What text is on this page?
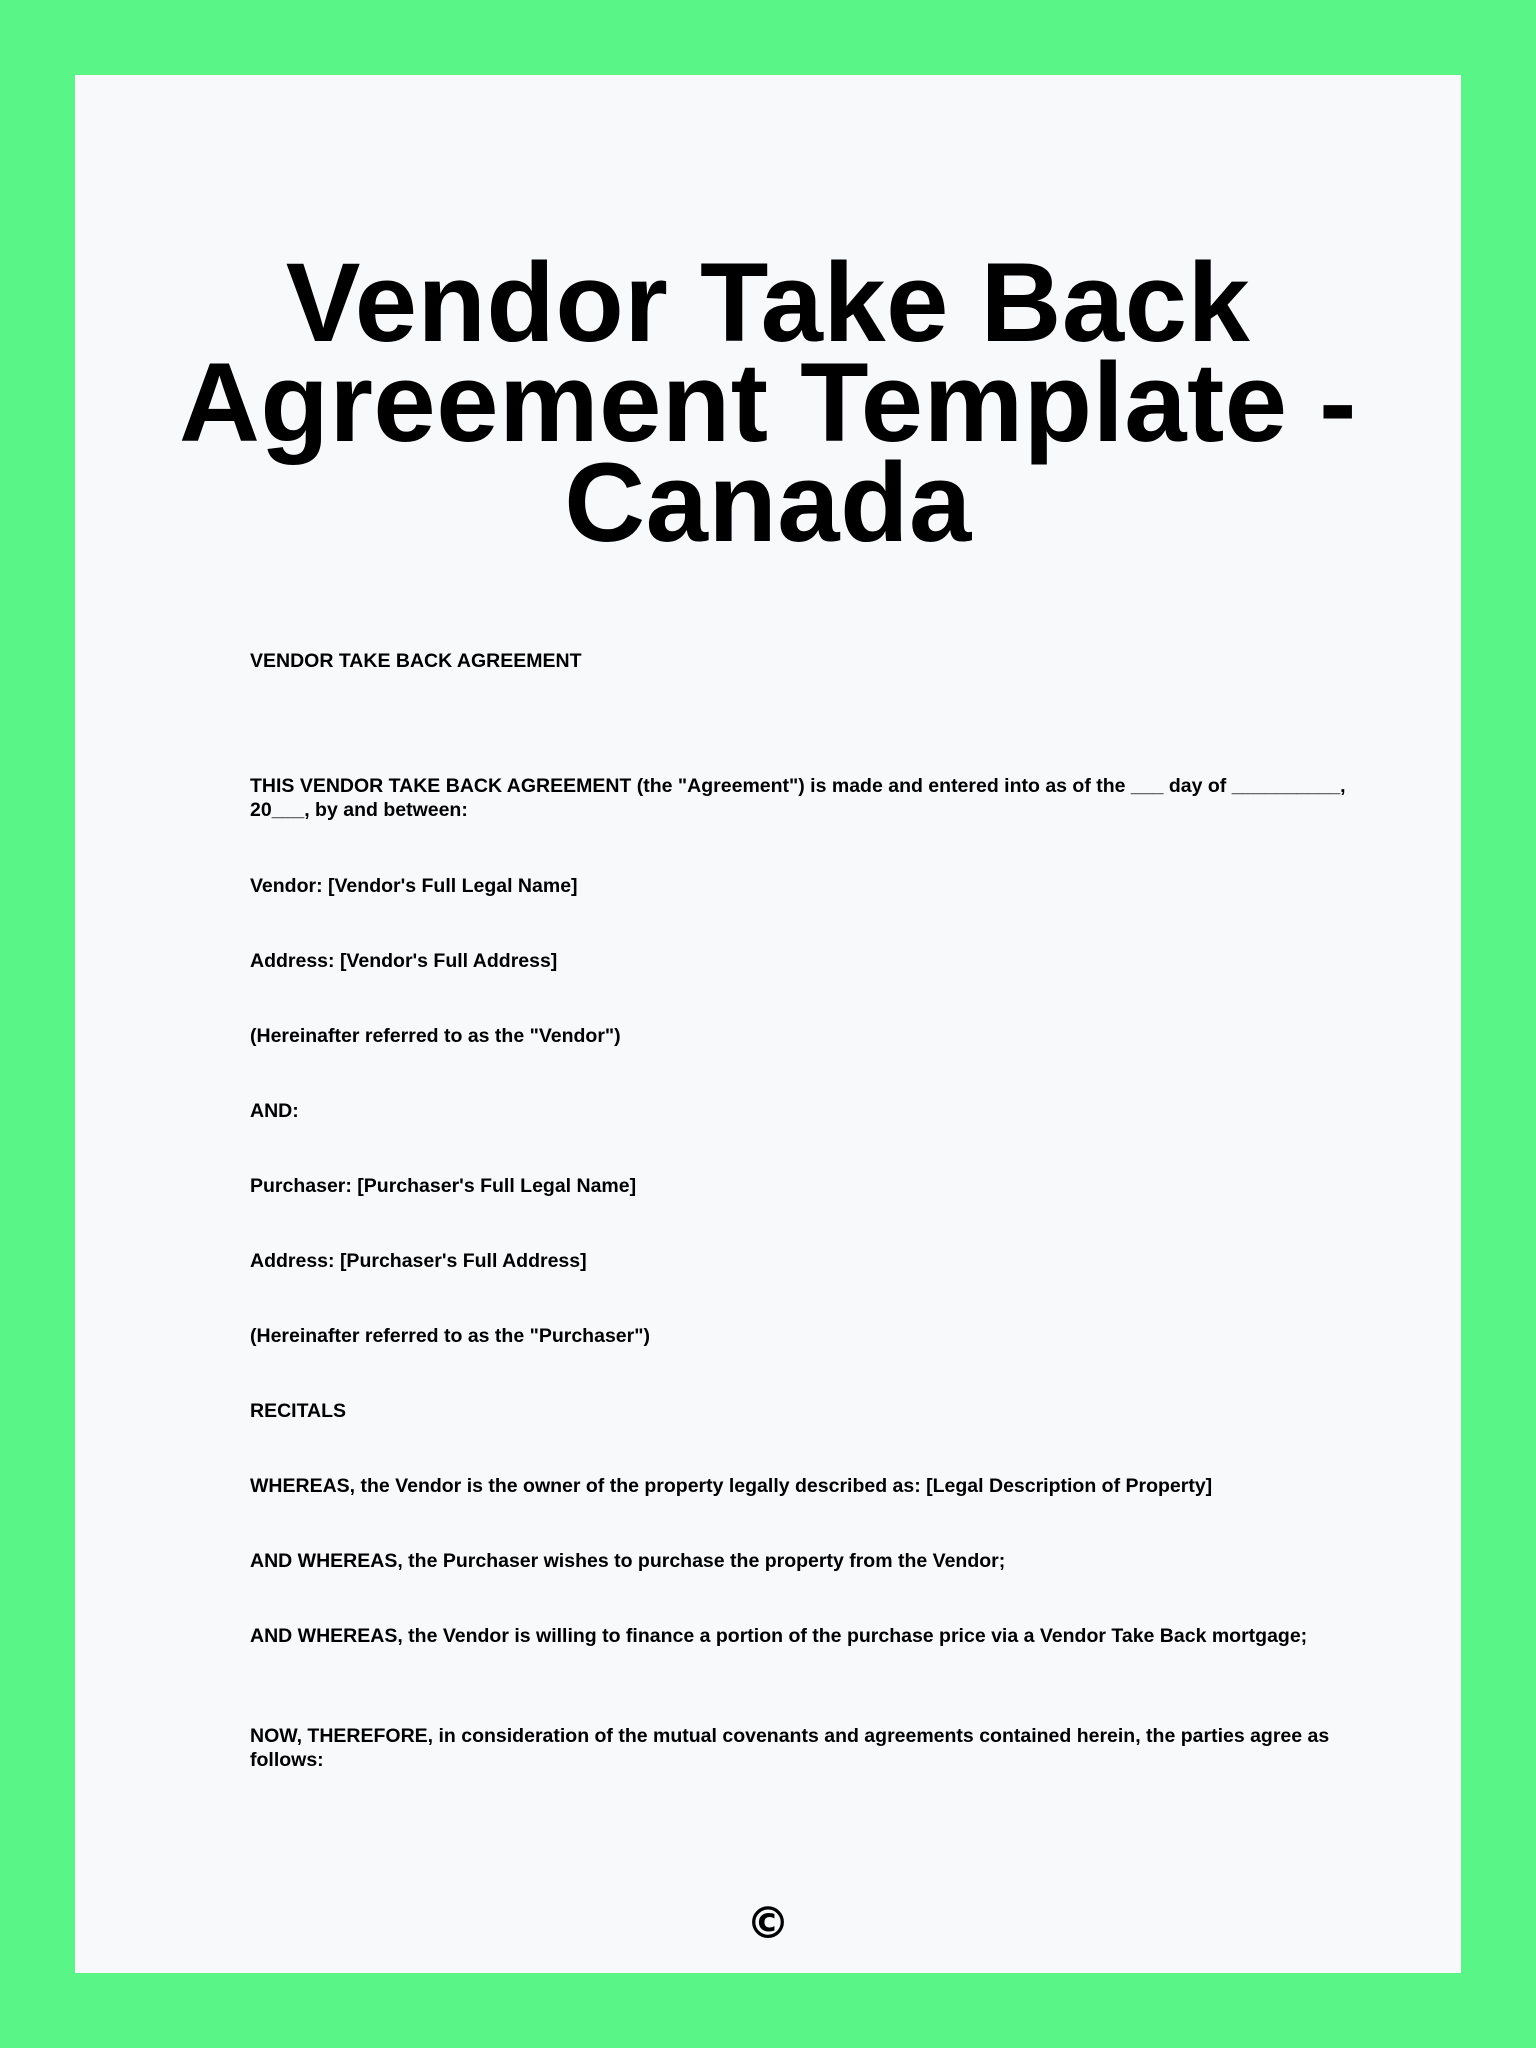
Vendor Take Back
Agreement Template -
Canada

VENDOR TAKE BACK AGREEMENT

THIS VENDOR TAKE BACK AGREEMENT (the "Agreement") is made and entered into as of the ___ day of __________, 20___, by and between:

Vendor: [Vendor's Full Legal Name]

Address: [Vendor's Full Address]

(Hereinafter referred to as the "Vendor")

AND:

Purchaser: [Purchaser's Full Legal Name]

Address: [Purchaser's Full Address]

(Hereinafter referred to as the "Purchaser")

RECITALS

WHEREAS, the Vendor is the owner of the property legally described as: [Legal Description of Property]

AND WHEREAS, the Purchaser wishes to purchase the property from the Vendor;

AND WHEREAS, the Vendor is willing to finance a portion of the purchase price via a Vendor Take Back mortgage;

NOW, THEREFORE, in consideration of the mutual covenants and agreements contained herein, the parties agree as follows:

©
